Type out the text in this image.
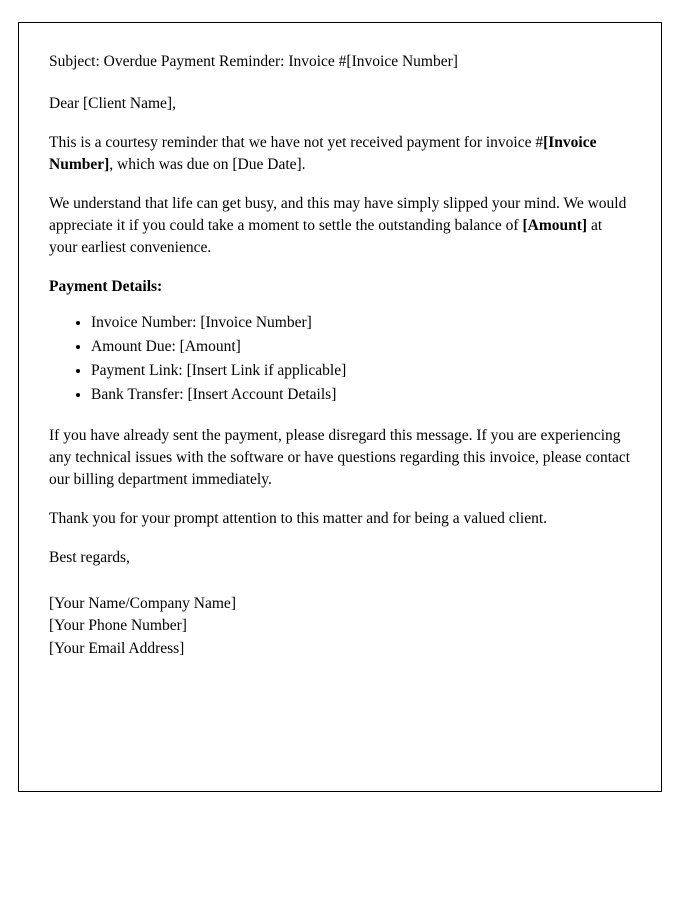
Subject: Overdue Payment Reminder: Invoice #[Invoice Number]

Dear [Client Name],

This is a courtesy reminder that we have not yet received payment for invoice #[Invoice Number], which was due on [Due Date].

We understand that life can get busy, and this may have simply slipped your mind. We would appreciate it if you could take a moment to settle the outstanding balance of [Amount] at your earliest convenience.

Payment Details:

• Invoice Number: [Invoice Number]
• Amount Due: [Amount]
• Payment Link: [Insert Link if applicable]
• Bank Transfer: [Insert Account Details]

If you have already sent the payment, please disregard this message. If you are experiencing any technical issues with the software or have questions regarding this invoice, please contact our billing department immediately.

Thank you for your prompt attention to this matter and for being a valued client.

Best regards,

[Your Name/Company Name]

[Your Phone Number]

[Your Email Address]
